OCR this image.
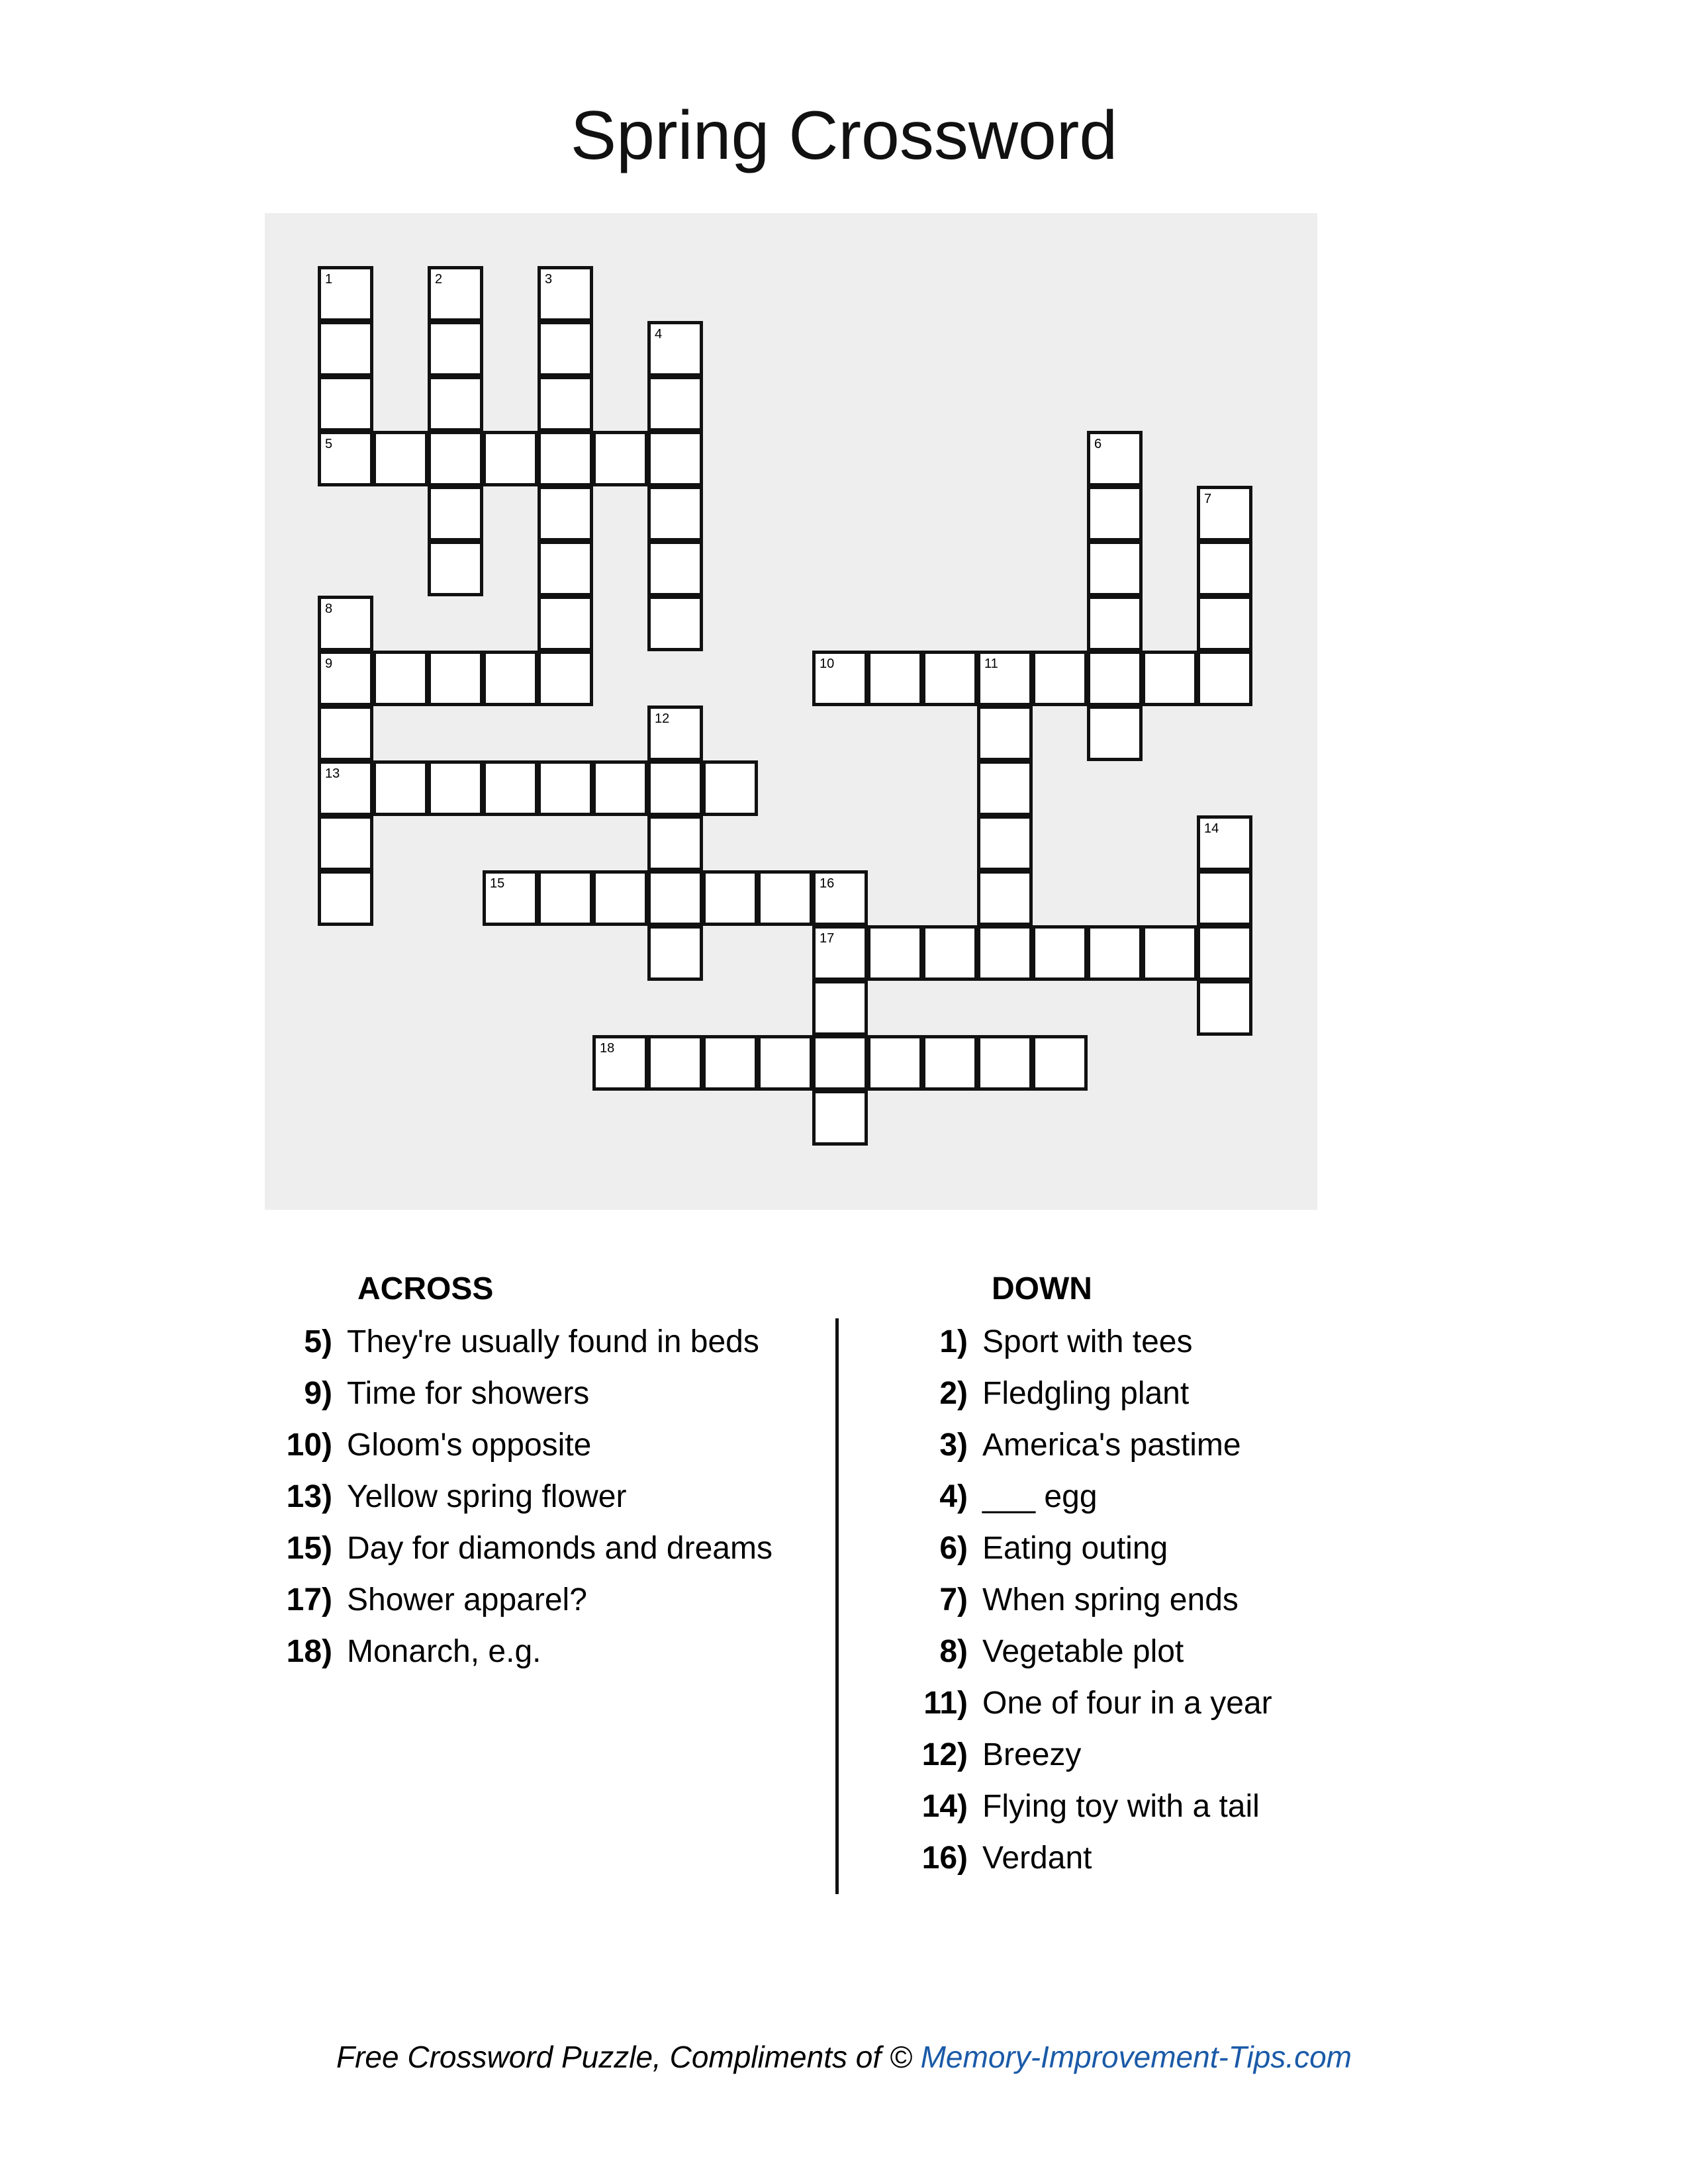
Spring Crossword
1	2	3
4
5	6
7
8
9	10	11
12
13
14
15	16
17
18
ACROSS
5) They're usually found in beds
9) Time for showers
10) Gloom's opposite
13) Yellow spring flower
15) Day for diamonds and dreams
17) Shower apparel?
18) Monarch, e.g.
DOWN
1) Sport with tees
2) Fledgling plant
3) America's pastime
4) ___ egg
6) Eating outing
7) When spring ends
8) Vegetable plot
11) One of four in a year
12) Breezy
14) Flying toy with a tail
16) Verdant
Free Crossword Puzzle, Compliments of © Memory-Improvement-Tips.com
